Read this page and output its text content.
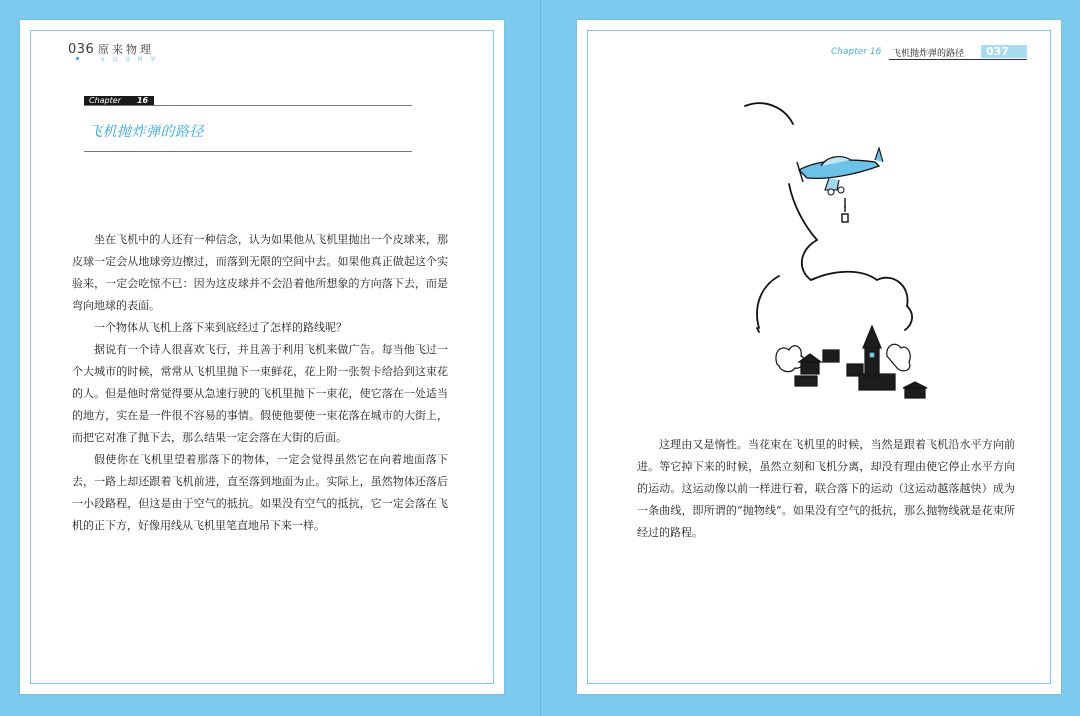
036 原来物理
可 以 这 样 学
Chapter 16
飞机抛炸弹的路径

坐在飞机中的人还有一种信念，认为如果他从飞机里抛出一个皮球来，那皮球一定会从地球旁边擦过，而落到无限的空间中去。如果他真正做起这个实验来，一定会吃惊不已：因为这皮球并不会沿着他所想象的方向落下去，而是弯向地球的表面。

一个物体从飞机上落下来到底经过了怎样的路线呢？

据说有一个诗人很喜欢飞行，并且善于利用飞机来做广告。每当他飞过一个大城市的时候，常常从飞机里抛下一束鲜花，花上附一张贺卡给拾到这束花的人。但是他时常觉得要从急速行驶的飞机里抛下一束花，使它落在一处适当的地方，实在是一件很不容易的事情。假使他要使一束花落在城市的大街上，而把它对准了抛下去，那么结果一定会落在大街的后面。

假使你在飞机里望着那落下的物体，一定会觉得虽然它在向着地面落下去，一路上却还跟着飞机前进，直至落到地面为止。实际上，虽然物体还落后一小段路程，但这是由于空气的抵抗。如果没有空气的抵抗，它一定会落在飞机的正下方，好像用线从飞机里笔直地吊下来一样。

Chapter 16 飞机抛炸弹的路径 037

这理由又是惰性。当花束在飞机里的时候，当然是跟着飞机沿水平方向前进。等它掉下来的时候，虽然立刻和飞机分离，却没有理由使它停止水平方向的运动。这运动像以前一样进行着，联合落下的运动（这运动越落越快）成为一条曲线，即所谓的“抛物线”。如果没有空气的抵抗，那么抛物线就是花束所经过的路程。
